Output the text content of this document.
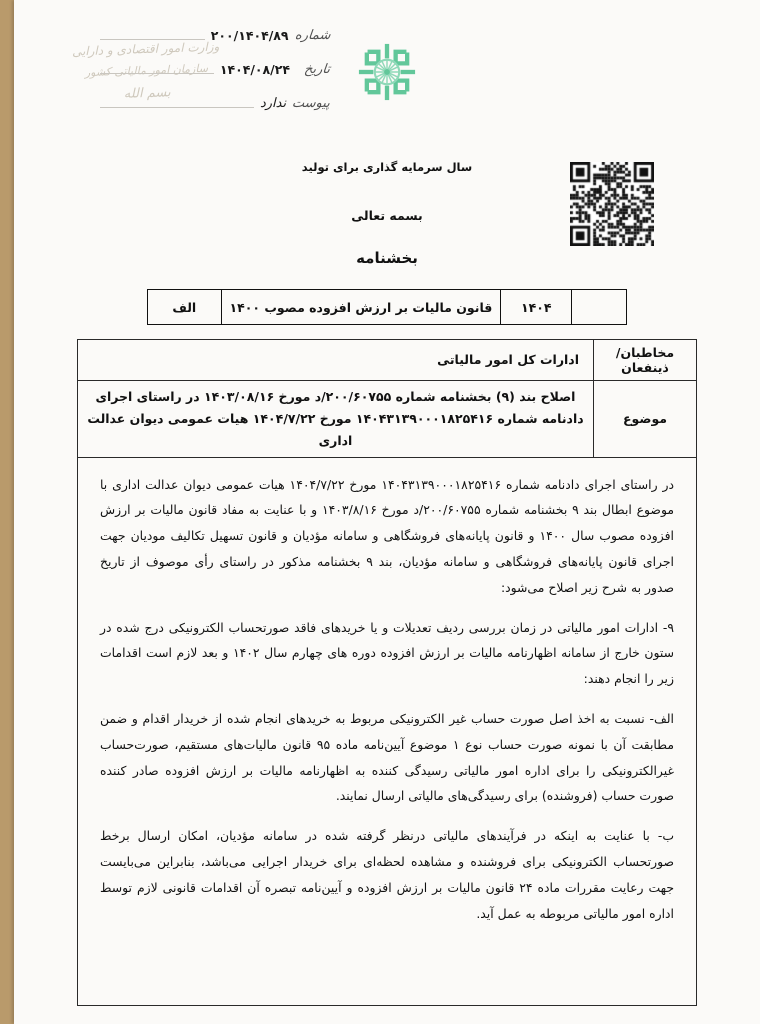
وزارت امور اقتصادی و دارایی
سازمان امور مالیاتی کشور
بسم الله
شماره
۲۰۰/۱۴۰۴/۸۹
تاریخ
۱۴۰۴/۰۸/۲۴
پیوست
ندارد
سال سرمایه گذاری برای تولید
بسمه تعالی
بخشنامه
	۱۴۰۴	قانون مالیات بر ارزش افزوده مصوب ۱۴۰۰	الف
مخاطبان/ ذینفعان	ادارات کل امور مالیاتی
موضوع	اصلاح بند (۹) بخشنامه شماره ۲۰۰/۶۰۷۵۵/د مورخ ۱۴۰۳/۰۸/۱۶ در راستای اجرای دادنامه شماره ۱۴۰۴۳۱۳۹۰۰۰۱۸۲۵۴۱۶ مورخ ۱۴۰۴/۷/۲۲ هیات عمومی دیوان عدالت اداری

در راستای اجرای دادنامه شماره ۱۴۰۴۳۱۳۹۰۰۰۱۸۲۵۴۱۶ مورخ ۱۴۰۴/۷/۲۲ هیات عمومی دیوان عدالت اداری با موضوع ابطال بند ۹ بخشنامه شماره ۲۰۰/۶۰۷۵۵/د مورخ ۱۴۰۳/۸/۱۶ و با عنایت به مفاد قانون مالیات بر ارزش افزوده مصوب سال ۱۴۰۰ و قانون پایانه‌های فروشگاهی و سامانه مؤدیان و قانون تسهیل تکالیف مودیان جهت اجرای قانون پایانه‌های فروشگاهی و سامانه مؤدیان، بند ۹ بخشنامه مذکور در راستای رأی موصوف از تاریخ صدور به شرح زیر اصلاح می‌شود:

۹- ادارات امور مالیاتی در زمان بررسی ردیف تعدیلات و یا خریدهای فاقد صورتحساب الکترونیکی درج شده در ستون خارج از سامانه اظهارنامه مالیات بر ارزش افزوده دوره های چهارم سال ۱۴۰۲ و بعد لازم است اقدامات زیر را انجام دهند:

الف- نسبت به اخذ اصل صورت حساب غیر الکترونیکی مربوط به خریدهای انجام شده از خریدار اقدام و ضمن مطابقت آن با نمونه صورت حساب نوع ۱ موضوع آیین‌نامه ماده ۹۵ قانون مالیات‌های مستقیم، صورت‌حساب غیرالکترونیکی را برای اداره امور مالیاتی رسیدگی کننده به اظهارنامه مالیات بر ارزش افزوده صادر کننده صورت حساب (فروشنده) برای رسیدگی‌های مالیاتی ارسال نمایند.

ب- با عنایت به اینکه در فرآیندهای مالیاتی درنظر گرفته شده در سامانه مؤدیان، امکان ارسال برخط صورتحساب الکترونیکی برای فروشنده و مشاهده لحظه‌ای برای خریدار اجرایی می‌باشد، بنابراین می‌بایست جهت رعایت مقررات ماده ۲۴ قانون مالیات بر ارزش افزوده و آیین‌نامه تبصره آن اقدامات قانونی لازم توسط اداره امور مالیاتی مربوطه به عمل آید.
